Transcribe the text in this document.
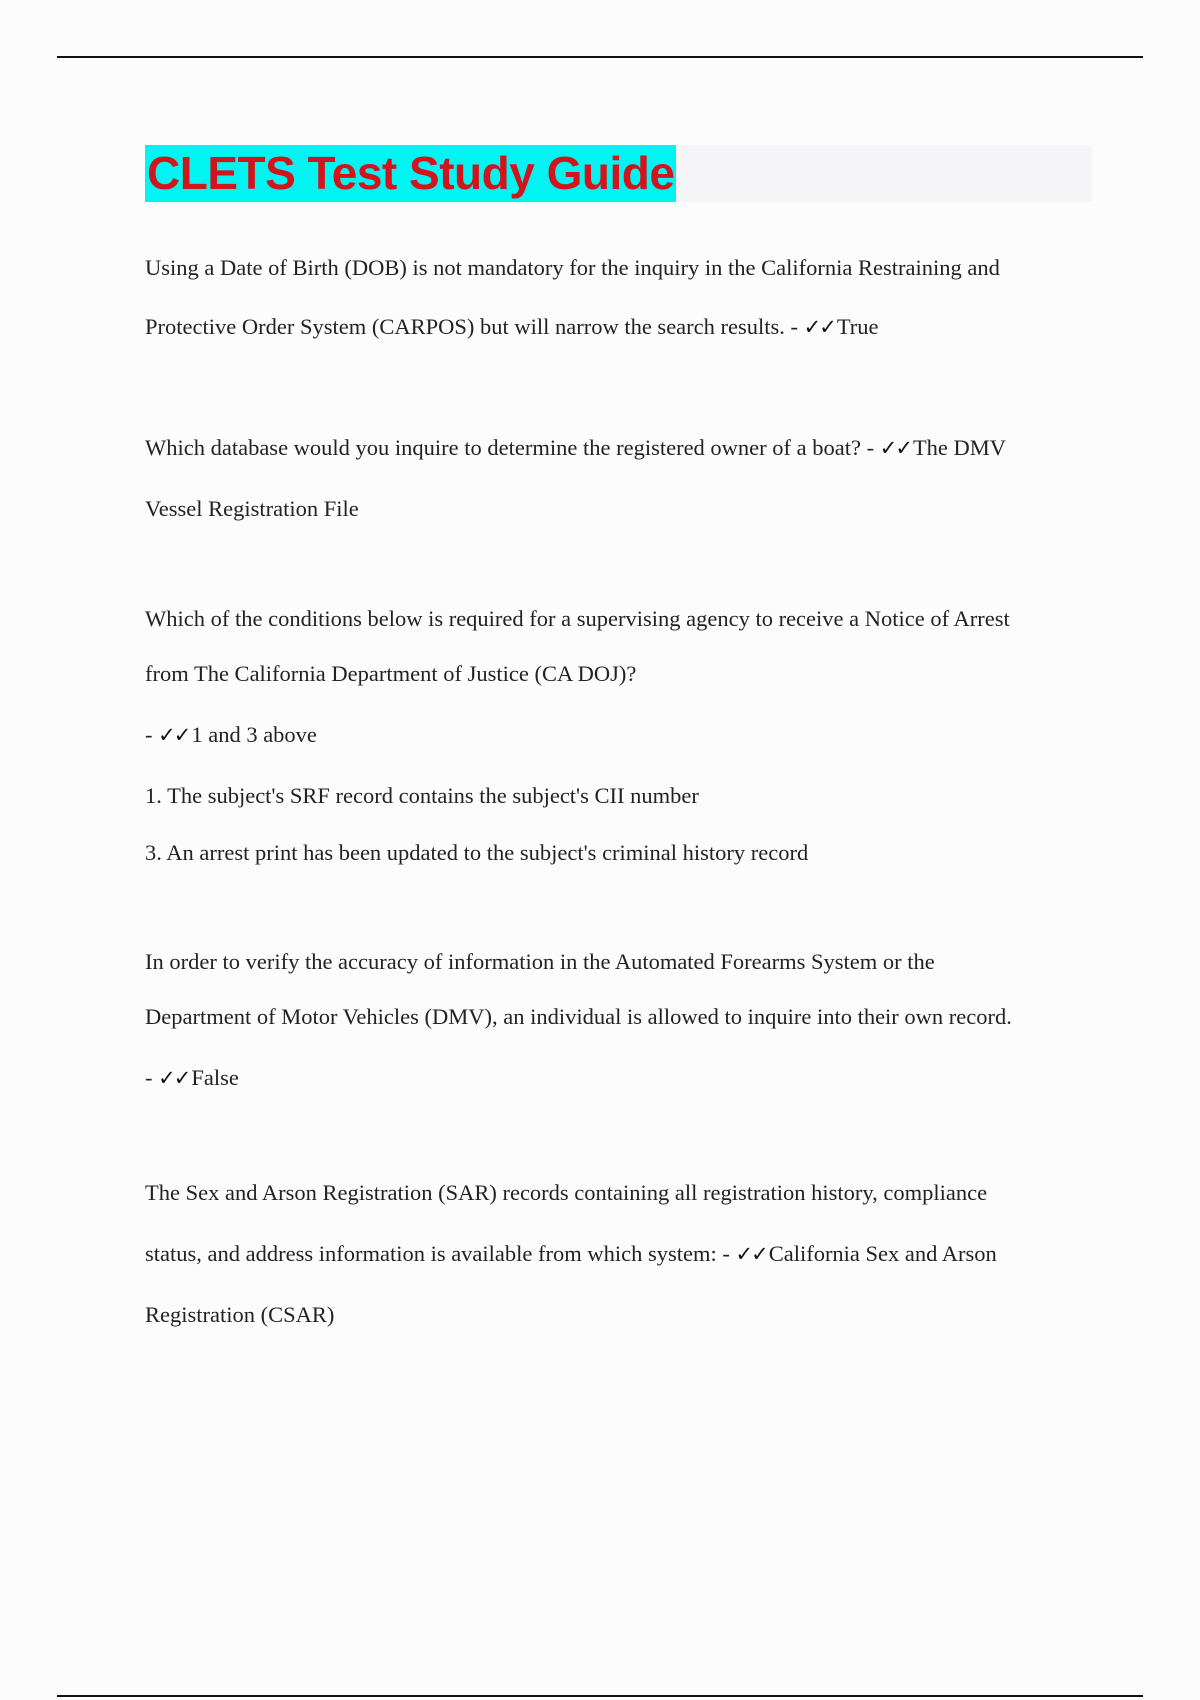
CLETS Test Study Guide
Using a Date of Birth (DOB) is not mandatory for the inquiry in the California Restraining and
Protective Order System (CARPOS) but will narrow the search results. - ✓✓True
Which database would you inquire to determine the registered owner of a boat? - ✓✓The DMV
Vessel Registration File
Which of the conditions below is required for a supervising agency to receive a Notice of Arrest
from The California Department of Justice (CA DOJ)?
- ✓✓1 and 3 above
1. The subject's SRF record contains the subject's CII number
3. An arrest print has been updated to the subject's criminal history record
In order to verify the accuracy of information in the Automated Forearms System or the
Department of Motor Vehicles (DMV), an individual is allowed to inquire into their own record.
- ✓✓False
The Sex and Arson Registration (SAR) records containing all registration history, compliance
status, and address information is available from which system: - ✓✓California Sex and Arson
Registration (CSAR)
